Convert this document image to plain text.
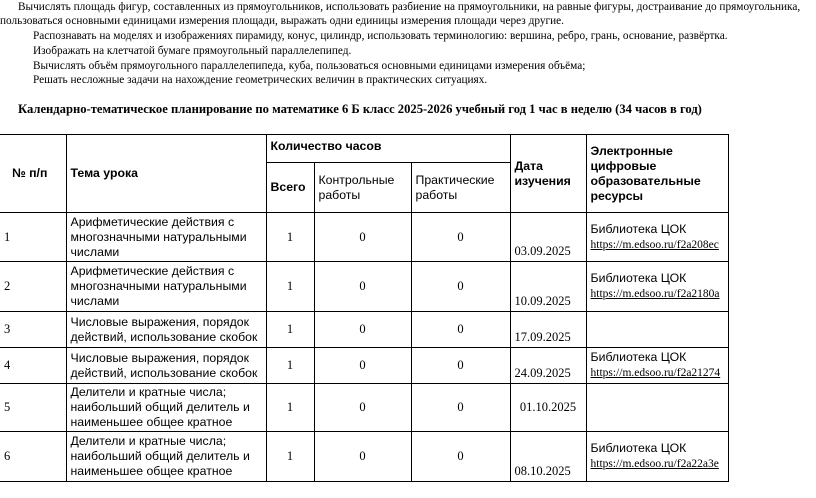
Вычислять площадь фигур, составленных из прямоугольников, использовать разбиение на прямоугольники, на равные фигуры, достраивание до прямоугольника,
пользоваться основными единицами измерения площади, выражать одни единицы измерения площади через другие.
Распознавать на моделях и изображениях пирамиду, конус, цилиндр, использовать терминологию: вершина, ребро, грань, основание, развёртка.
Изображать на клетчатой бумаге прямоугольный параллелепипед.
Вычислять объём прямоугольного параллелепипеда, куба, пользоваться основными единицами измерения объёма;
Решать несложные задачи на нахождение геометрических величин в практических ситуациях.
Календарно-тематическое планирование по математике 6 Б класс 2025-2026 учебный год 1 час в неделю (34 часов в год)
№ п/п	Тема урока	Количество часов			Дата изучения	Электронные цифровые образовательные ресурсы
		Всего	Контрольные работы	Практические работы		
1	Арифметические действия с многозначными натуральными числами	1	0	0	03.09.2025	Библиотека ЦОК
https://m.edsoo.ru/f2a208ec
2	Арифметические действия с многозначными натуральными числами	1	0	0	10.09.2025	Библиотека ЦОК
https://m.edsoo.ru/f2a2180a
3	Числовые выражения, порядок действий, использование скобок	1	0	0	17.09.2025	

4	Числовые выражения, порядок действий, использование скобок	1	0	0	24.09.2025	Библиотека ЦОК
https://m.edsoo.ru/f2a21274
5	Делители и кратные числа; наибольший общий делитель и наименьшее общее кратное	1	0	0	01.10.2025	

6	Делители и кратные числа; наибольший общий делитель и наименьшее общее кратное	1	0	0	08.10.2025	Библиотека ЦОК
https://m.edsoo.ru/f2a22a3e
